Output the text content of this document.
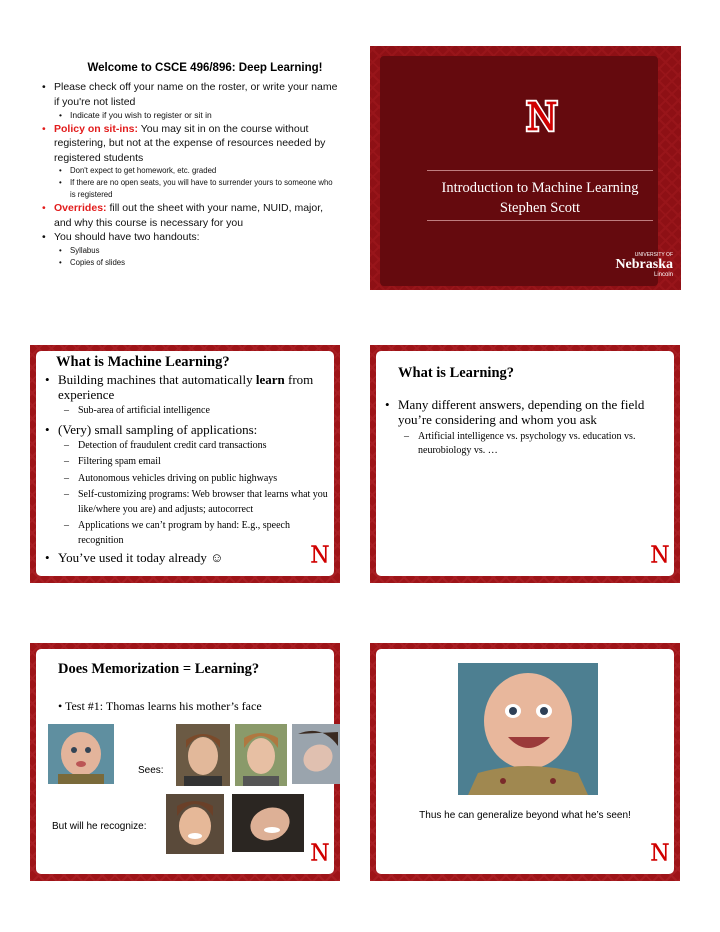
Welcome to CSCE 496/896: Deep Learning!
• Please check off your name on the roster, or write your name if you're not listed
• Indicate if you wish to register or sit in
• Policy on sit-ins: You may sit in on the course without registering, but not at the expense of resources needed by registered students
• Don't expect to get homework, etc. graded
• If there are no open seats, you will have to surrender yours to someone who is registered
• Overrides: fill out the sheet with your name, NUID, major, and why this course is necessary for you
• You should have two handouts:
• Syllabus
• Copies of slides
Introduction to Machine Learning
Stephen Scott
UNIVERSITY OF
Nebraska
Lincoln
What is Machine Learning?
• Building machines that automatically learn from experience
– Sub-area of artificial intelligence
• (Very) small sampling of applications:
– Detection of fraudulent credit card transactions
– Filtering spam email
– Autonomous vehicles driving on public highways
– Self-customizing programs: Web browser that learns what you like/where you are) and adjusts; autocorrect
– Applications we can’t program by hand: E.g., speech recognition
• You’ve used it today already ☺
What is Learning?
• Many different answers, depending on the field you’re considering and whom you ask
– Artificial intelligence vs. psychology vs. education vs. neurobiology vs. …
Does Memorization = Learning?
• Test #1: Thomas learns his mother’s face
Sees:
But will he recognize:
Thus he can generalize beyond what he’s seen!
